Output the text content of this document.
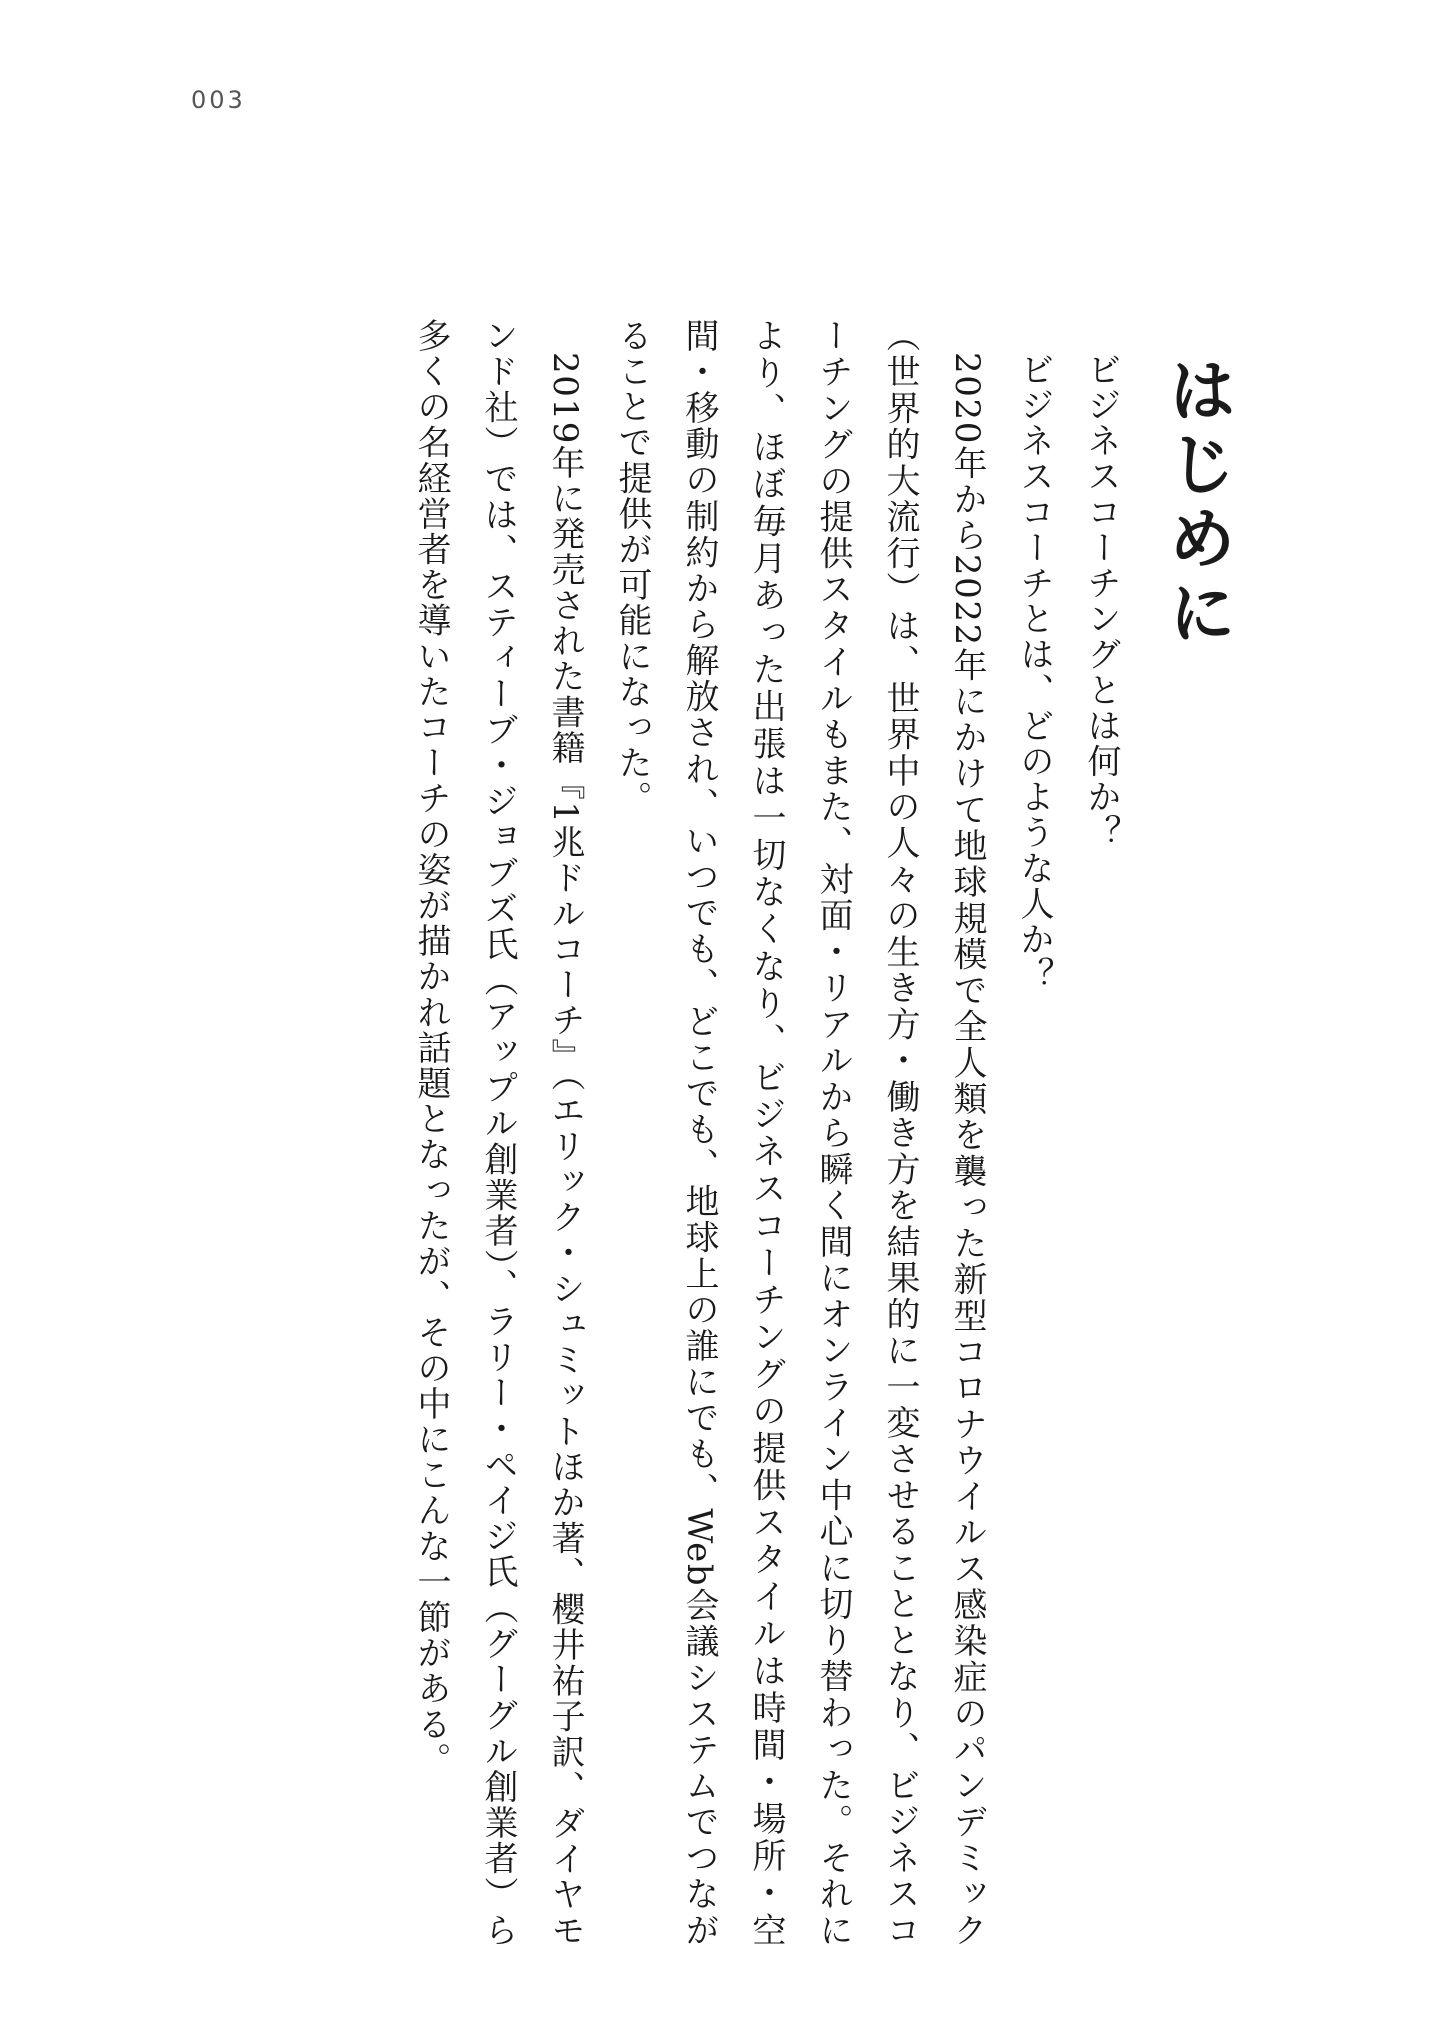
003
はじめに

ビジネスコーチングとは何か？

ビジネスコーチとは、どのような人か？

2020年から2022年にかけて地球規模で全人類を襲った新型コロナウイルス感染症のパンデミック（世界的大流行）は、世界中の人々の生き方・働き方を結果的に一変させることとなり、ビジネスコーチングの提供スタイルもまた、対面・リアルから瞬く間にオンライン中心に切り替わった。それにより、ほぼ毎月あった出張は一切なくなり、ビジネスコーチングの提供スタイルは時間・場所・空間・移動の制約から解放され、いつでも、どこでも、地球上の誰にでも、Web会議システムでつながることで提供が可能になった。

2019年に発売された書籍『1兆ドルコーチ』（エリック・シュミットほか著、櫻井祐子訳、ダイヤモンド社）では、スティーブ・ジョブズ氏（アップル創業者）、ラリー・ペイジ氏（グーグル創業者）ら多くの名経営者を導いたコーチの姿が描かれ話題となったが、その中にこんな一節がある。
